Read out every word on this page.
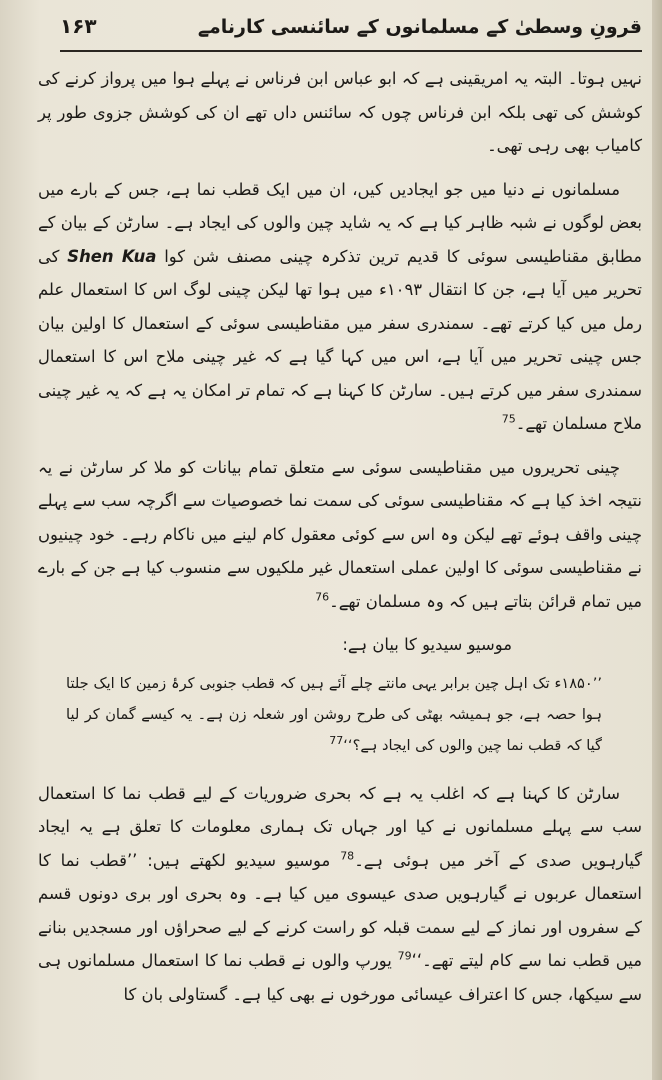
قرونِ وسطیٰ کے مسلمانوں کے سائنسی کارنامے
۱۶۳

نہیں ہوتا۔ البتہ یہ امریقینی ہے کہ ابو عباس ابن فرناس نے پہلے ہوا میں پرواز کرنے کی کوشش کی تھی بلکہ ابن فرناس چوں کہ سائنس داں تھے ان کی کوشش جزوی طور پر کامیاب بھی رہی تھی۔

مسلمانوں نے دنیا میں جو ایجادیں کیں، ان میں ایک قطب نما ہے، جس کے بارے میں بعض لوگوں نے شبہ ظاہر کیا ہے کہ یہ شاید چین والوں کی ایجاد ہے۔ سارٹن کے بیان کے مطابق مقناطیسی سوئی کا قدیم ترین تذکرہ چینی مصنف شن کوا Shen Kua کی تحریر میں آیا ہے، جن کا انتقال ۱۰۹۳ء میں ہوا تھا لیکن چینی لوگ اس کا استعمال علم رمل میں کیا کرتے تھے۔ سمندری سفر میں مقناطیسی سوئی کے استعمال کا اولین بیان جس چینی تحریر میں آیا ہے، اس میں کہا گیا ہے کہ غیر چینی ملاح اس کا استعمال سمندری سفر میں کرتے ہیں۔ سارٹن کا کہنا ہے کہ تمام تر امکان یہ ہے کہ یہ غیر چینی ملاح مسلمان تھے۔$^{75}$

چینی تحریروں میں مقناطیسی سوئی سے متعلق تمام بیانات کو ملا کر سارٹن نے یہ نتیجہ اخذ کیا ہے کہ مقناطیسی سوئی کی سمت نما خصوصیات سے اگرچہ سب سے پہلے چینی واقف ہوئے تھے لیکن وہ اس سے کوئی معقول کام لینے میں ناکام رہے۔ خود چینیوں نے مقناطیسی سوئی کا اولین عملی استعمال غیر ملکیوں سے منسوب کیا ہے جن کے بارے میں تمام قرائن بتاتے ہیں کہ وہ مسلمان تھے۔$^{76}$

موسیو سیدیو کا بیان ہے:

’’۱۸۵۰ء تک اہل چین برابر یہی مانتے چلے آئے ہیں کہ قطب جنوبی کرۂ زمین کا ایک جلتا ہوا حصہ ہے، جو ہمیشہ بھٹی کی طرح روشن اور شعلہ زن ہے۔ یہ کیسے گمان کر لیا گیا کہ قطب نما چین والوں کی ایجاد ہے؟‘‘$^{77}$

سارٹن کا کہنا ہے کہ اغلب یہ ہے کہ بحری ضروریات کے لیے قطب نما کا استعمال سب سے پہلے مسلمانوں نے کیا اور جہاں تک ہماری معلومات کا تعلق ہے یہ ایجاد گیارہویں صدی کے آخر میں ہوئی ہے۔$^{78}$ موسیو سیدیو لکھتے ہیں: ’’قطب نما کا استعمال عربوں نے گیارہویں صدی عیسوی میں کیا ہے۔ وہ بحری اور بری دونوں قسم کے سفروں اور نماز کے لیے سمت قبلہ کو راست کرنے کے لیے صحراؤں اور مسجدیں بنانے میں قطب نما سے کام لیتے تھے۔‘‘$^{79}$ یورپ والوں نے قطب نما کا استعمال مسلمانوں ہی سے سیکھا، جس کا اعتراف عیسائی مورخوں نے بھی کیا ہے۔ گستاولی بان کا
